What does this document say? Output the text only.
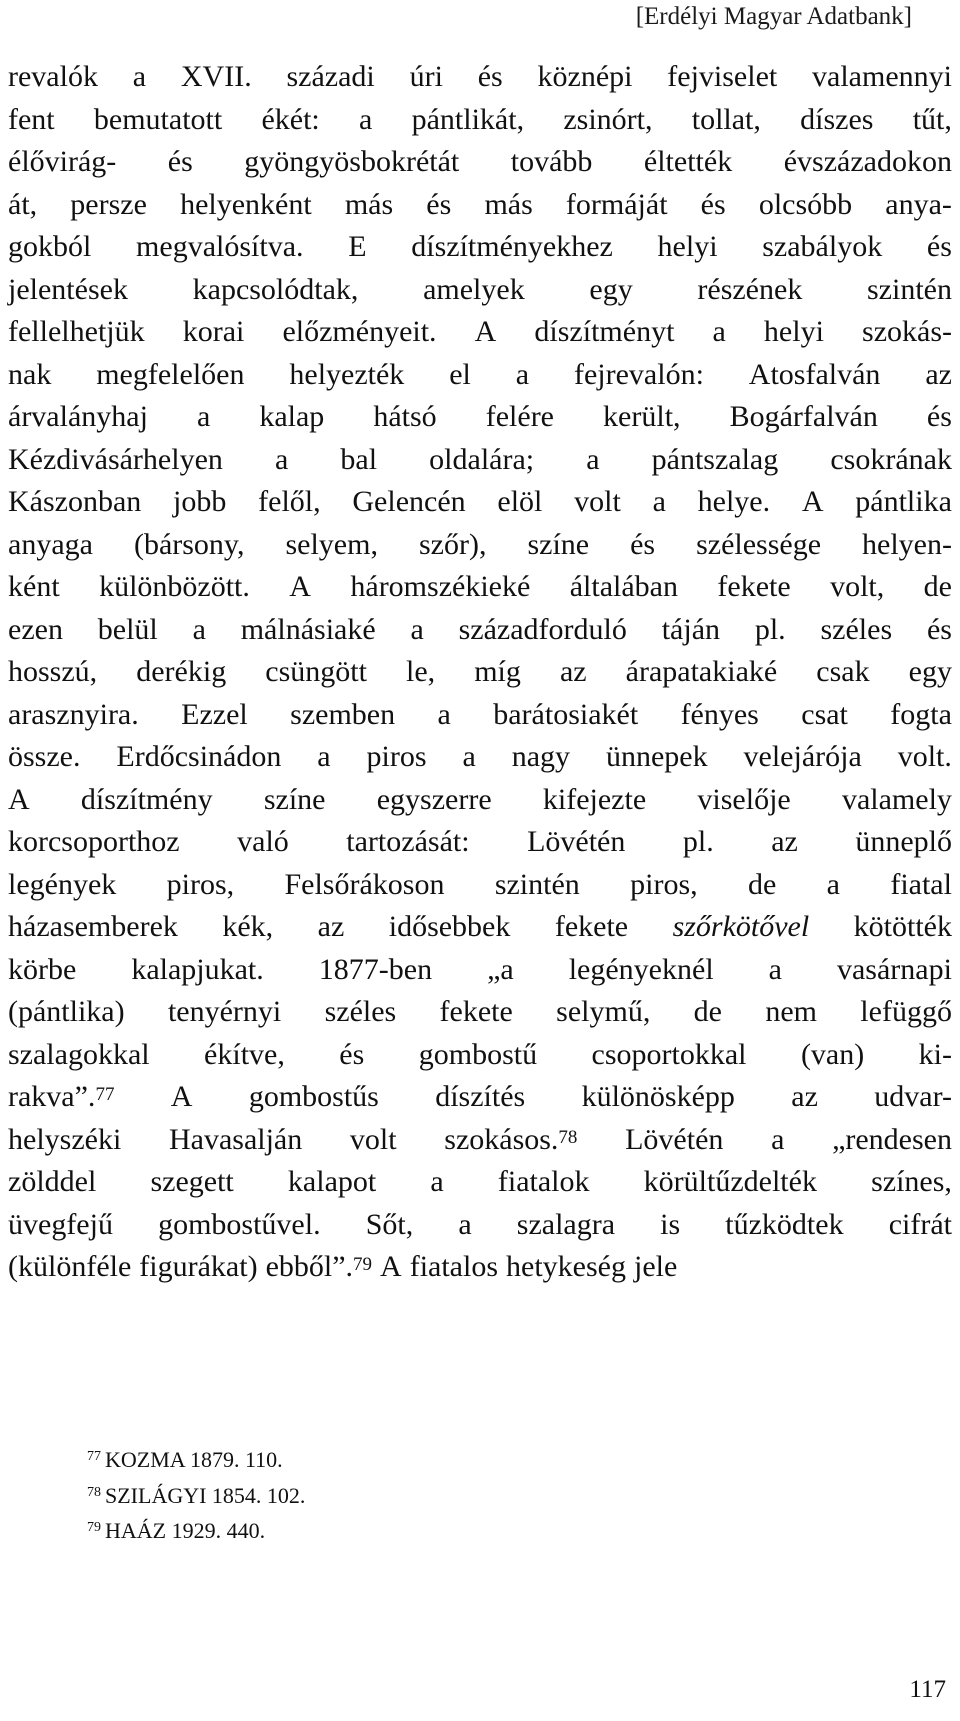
[Erdélyi Magyar Adatbank]
revalók a XVII. századi úri és köznépi fejviselet valamennyi
fent bemutatott ékét: a pántlikát, zsinórt, tollat, díszes tűt,
élővirág- és gyöngyösbokrétát tovább éltették évszázadokon
át, persze helyenként más és más formáját és olcsóbb anya-
gokból megvalósítva. E díszítményekhez helyi szabályok és
jelentések kapcsolódtak, amelyek egy részének szintén
fellelhetjük korai előzményeit. A díszítményt a helyi szokás-
nak megfelelően helyezték el a fejrevalón: Atosfalván az
árvalányhaj a kalap hátsó felére került, Bogárfalván és
Kézdivásárhelyen a bal oldalára; a pántszalag csokrának
Kászonban jobb felől, Gelencén elöl volt a helye. A pántlika
anyaga (bársony, selyem, szőr), színe és szélessége helyen-
ként különbözött. A háromszékieké általában fekete volt, de
ezen belül a málnásiaké a századforduló táján pl. széles és
hosszú, derékig csüngött le, míg az árapatakiaké csak egy
arasznyira. Ezzel szemben a barátosiakét fényes csat fogta
össze. Erdőcsinádon a piros a nagy ünnepek velejárója volt.
A díszítmény színe egyszerre kifejezte viselője valamely
korcsoporthoz való tartozását: Lövétén pl. az ünneplő
legények piros, Felsőrákoson szintén piros, de a fiatal
házasemberek kék, az idősebbek fekete szőrkötővel kötötték
körbe kalapjukat. 1877-ben „a legényeknél a vasárnapi
(pántlika) tenyérnyi széles fekete selymű, de nem lefüggő
szalagokkal ékítve, és gombostű csoportokkal (van) ki-
rakva”.$^{77}$ A gombostűs díszítés különösképp az udvar-
helyszéki Havasalján volt szokásos.$^{78}$ Lövétén a „rendesen
zölddel szegett kalapot a fiatalok körültűzdelték színes,
üvegfejű gombostűvel. Sőt, a szalagra is tűzködtek cifrát
(különféle figurákat) ebből”.$^{79}$ A fiatalos hetykeség jele
$^{77}$ KOZMA 1879. 110.
$^{78}$ SZILÁGYI 1854. 102.
$^{79}$ HAÁZ 1929. 440.
117
